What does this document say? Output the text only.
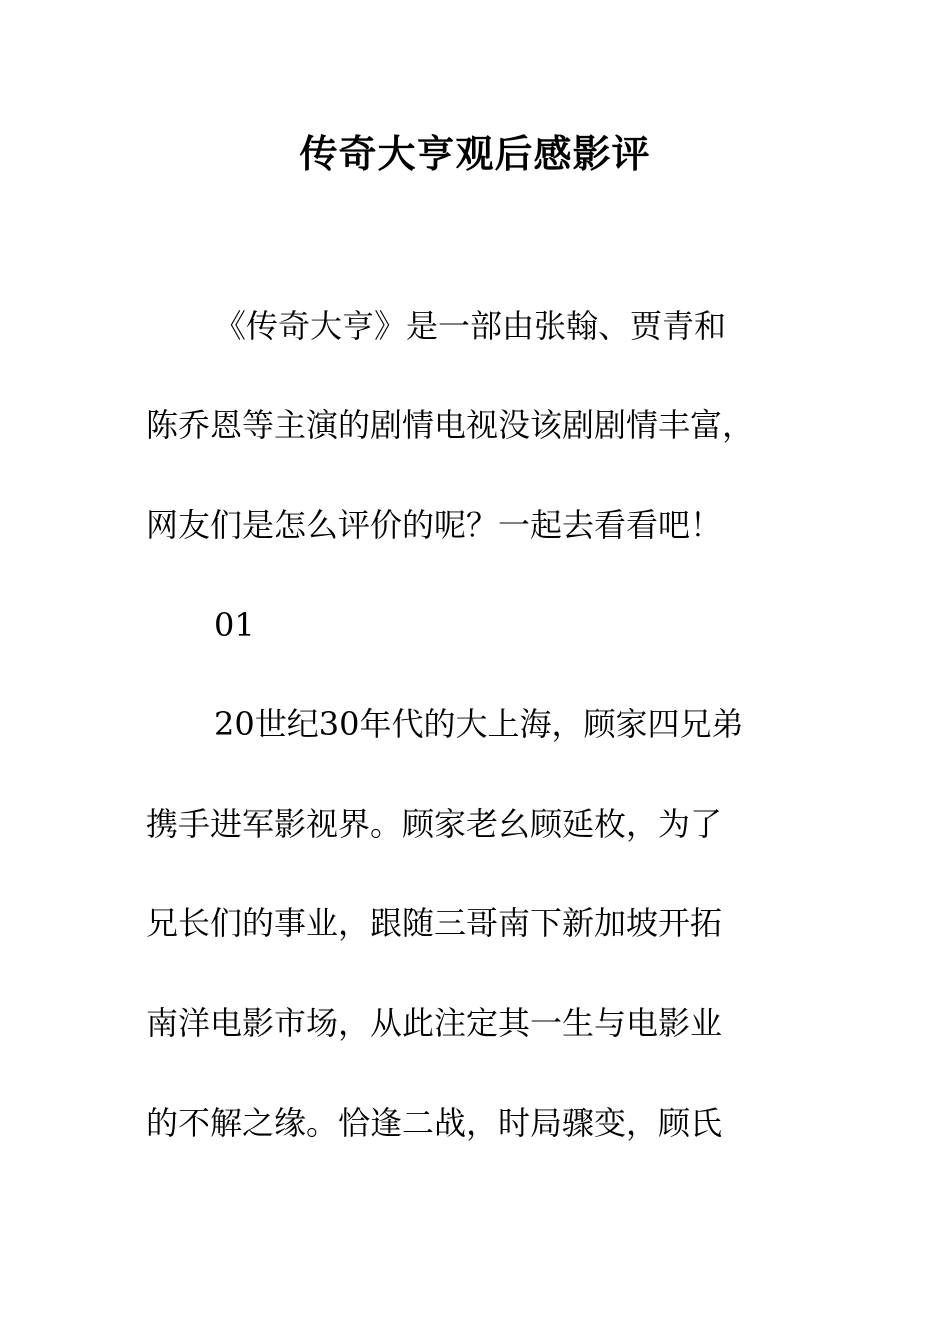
传奇大亨观后感影评
《传奇大亨》是一部由张翰、贾青和
陈乔恩等主演的剧情电视没该剧剧情丰富，
网友们是怎么评价的呢？一起去看看吧！
01
20世纪30年代的大上海，顾家四兄弟
携手进军影视界。顾家老幺顾延枚，为了
兄长们的事业，跟随三哥南下新加坡开拓
南洋电影市场，从此注定其一生与电影业
的不解之缘。恰逢二战，时局骤变，顾氏
